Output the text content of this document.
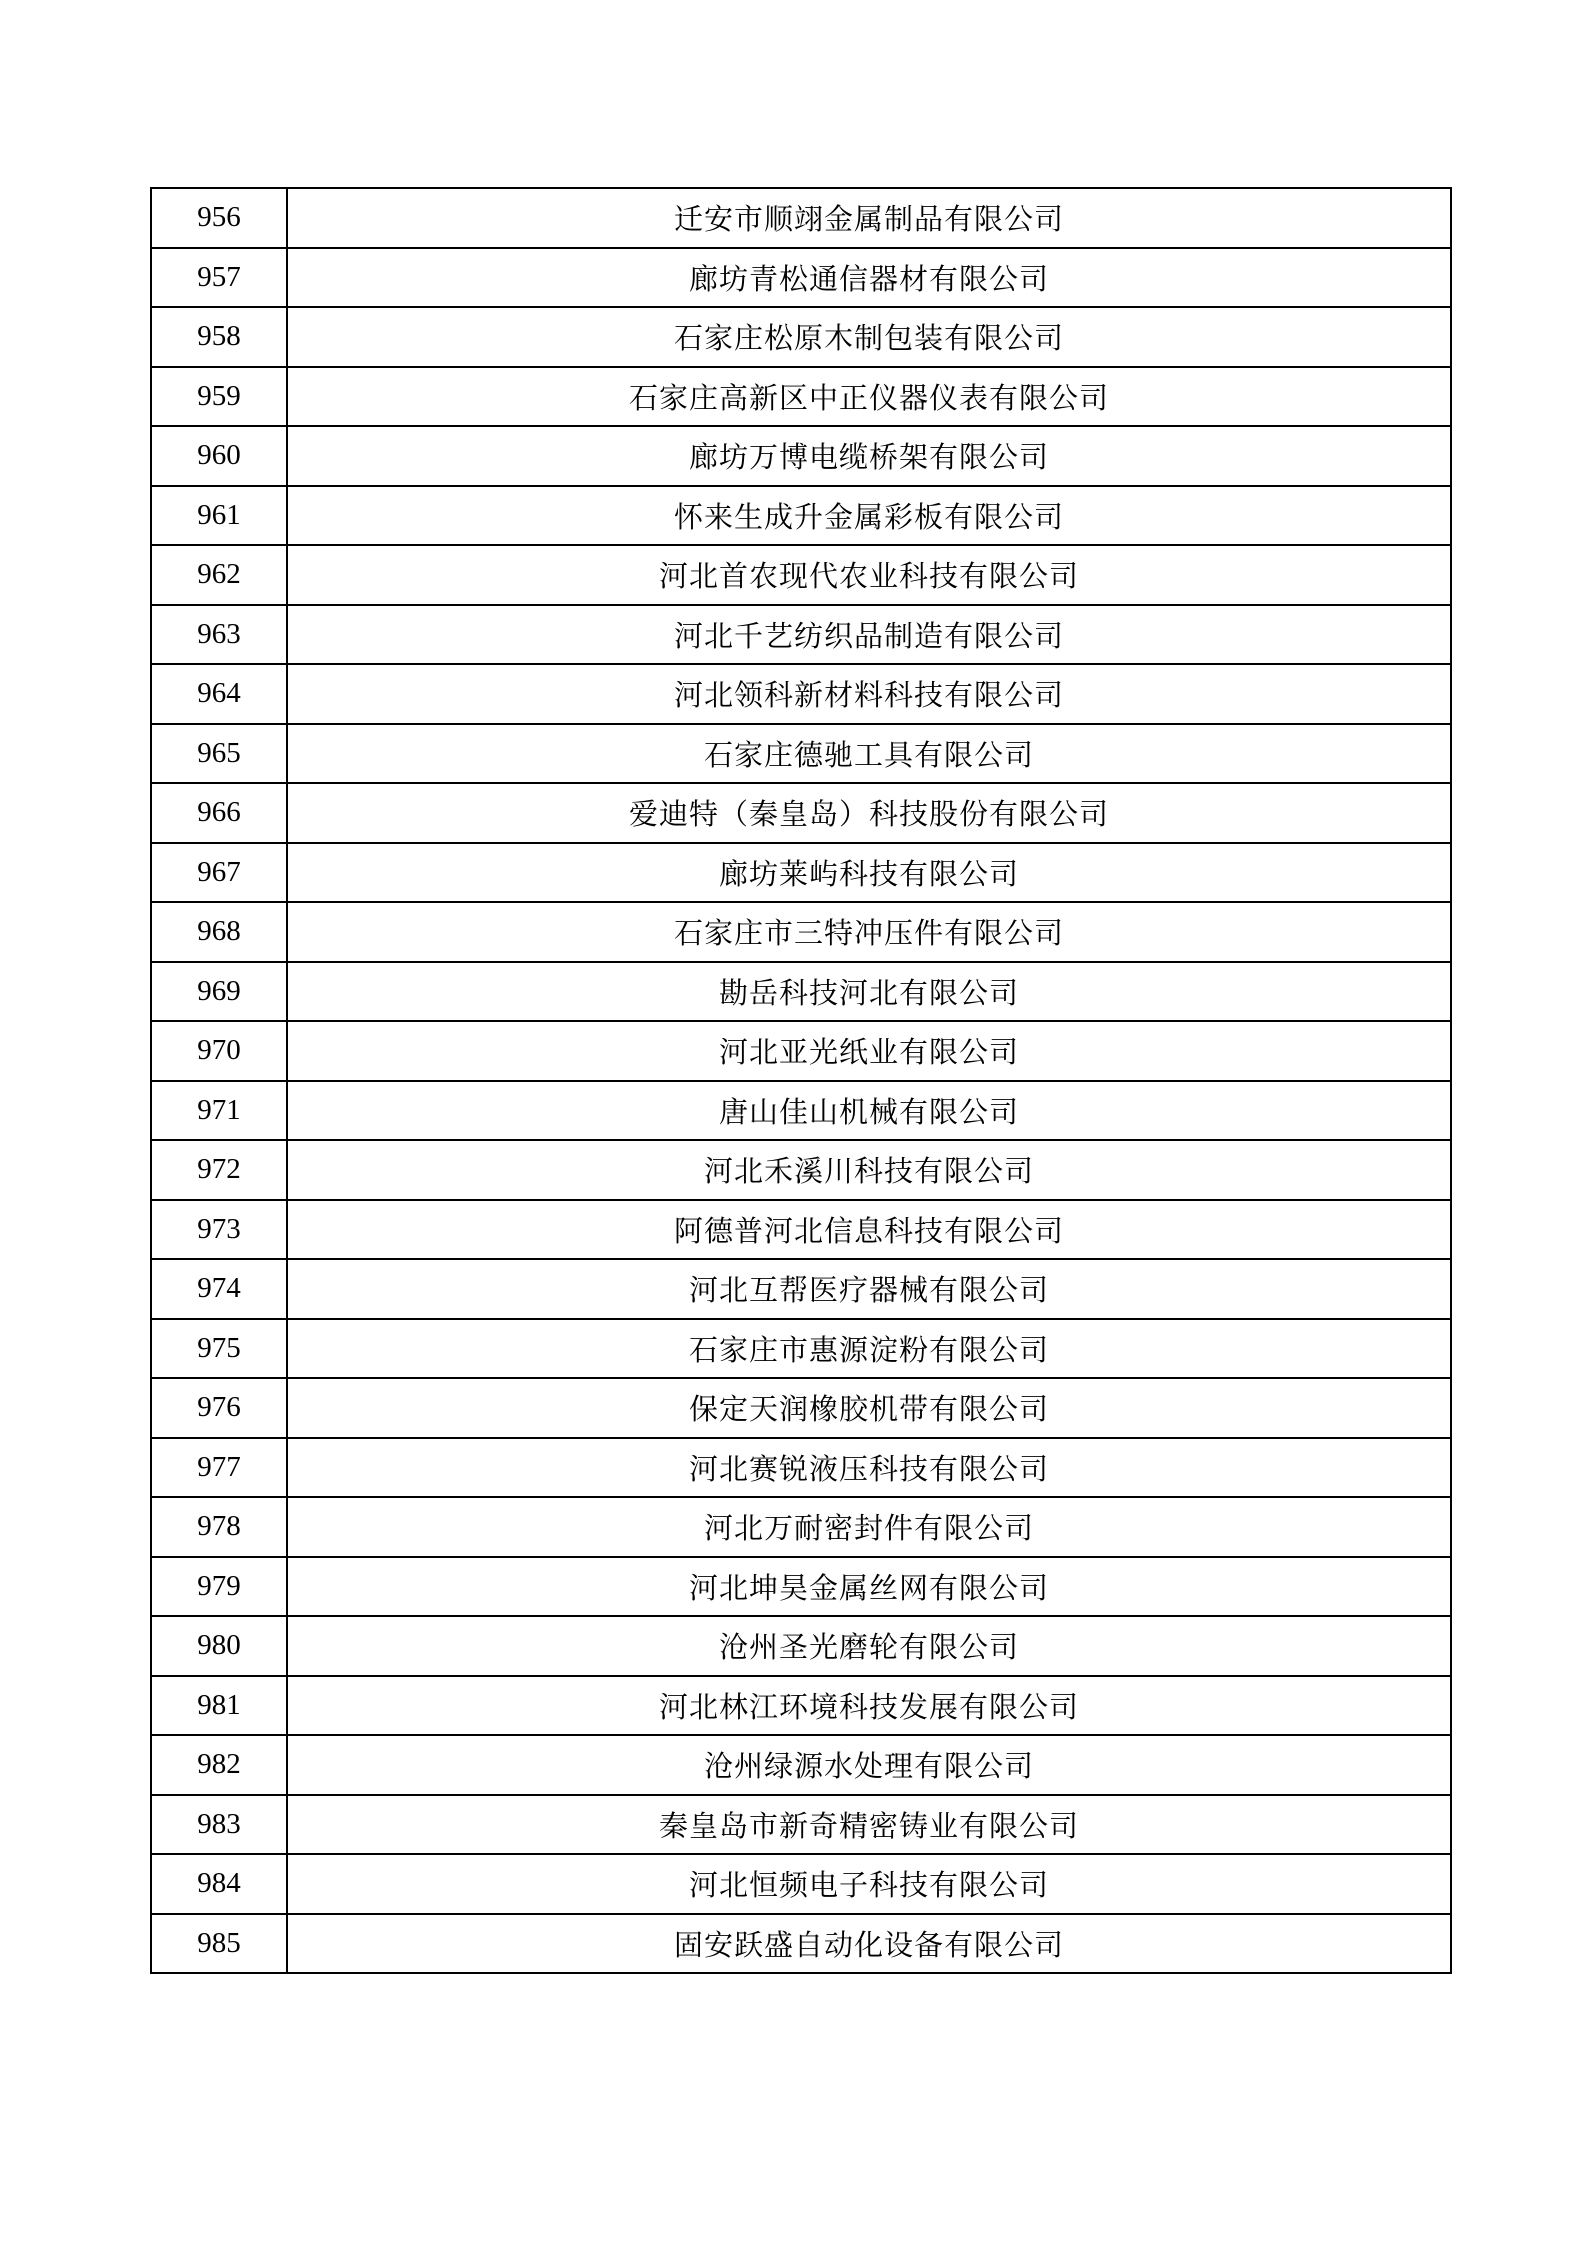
956	迁安市顺翊金属制品有限公司
957	廊坊青松通信器材有限公司
958	石家庄松原木制包装有限公司
959	石家庄高新区中正仪器仪表有限公司
960	廊坊万博电缆桥架有限公司
961	怀来生成升金属彩板有限公司
962	河北首农现代农业科技有限公司
963	河北千艺纺织品制造有限公司
964	河北领科新材料科技有限公司
965	石家庄德驰工具有限公司
966	爱迪特（秦皇岛）科技股份有限公司
967	廊坊莱屿科技有限公司
968	石家庄市三特冲压件有限公司
969	勘岳科技河北有限公司
970	河北亚光纸业有限公司
971	唐山佳山机械有限公司
972	河北禾溪川科技有限公司
973	阿德普河北信息科技有限公司
974	河北互帮医疗器械有限公司
975	石家庄市惠源淀粉有限公司
976	保定天润橡胶机带有限公司
977	河北赛锐液压科技有限公司
978	河北万耐密封件有限公司
979	河北坤昊金属丝网有限公司
980	沧州圣光磨轮有限公司
981	河北林江环境科技发展有限公司
982	沧州绿源水处理有限公司
983	秦皇岛市新奇精密铸业有限公司
984	河北恒频电子科技有限公司
985	固安跃盛自动化设备有限公司
